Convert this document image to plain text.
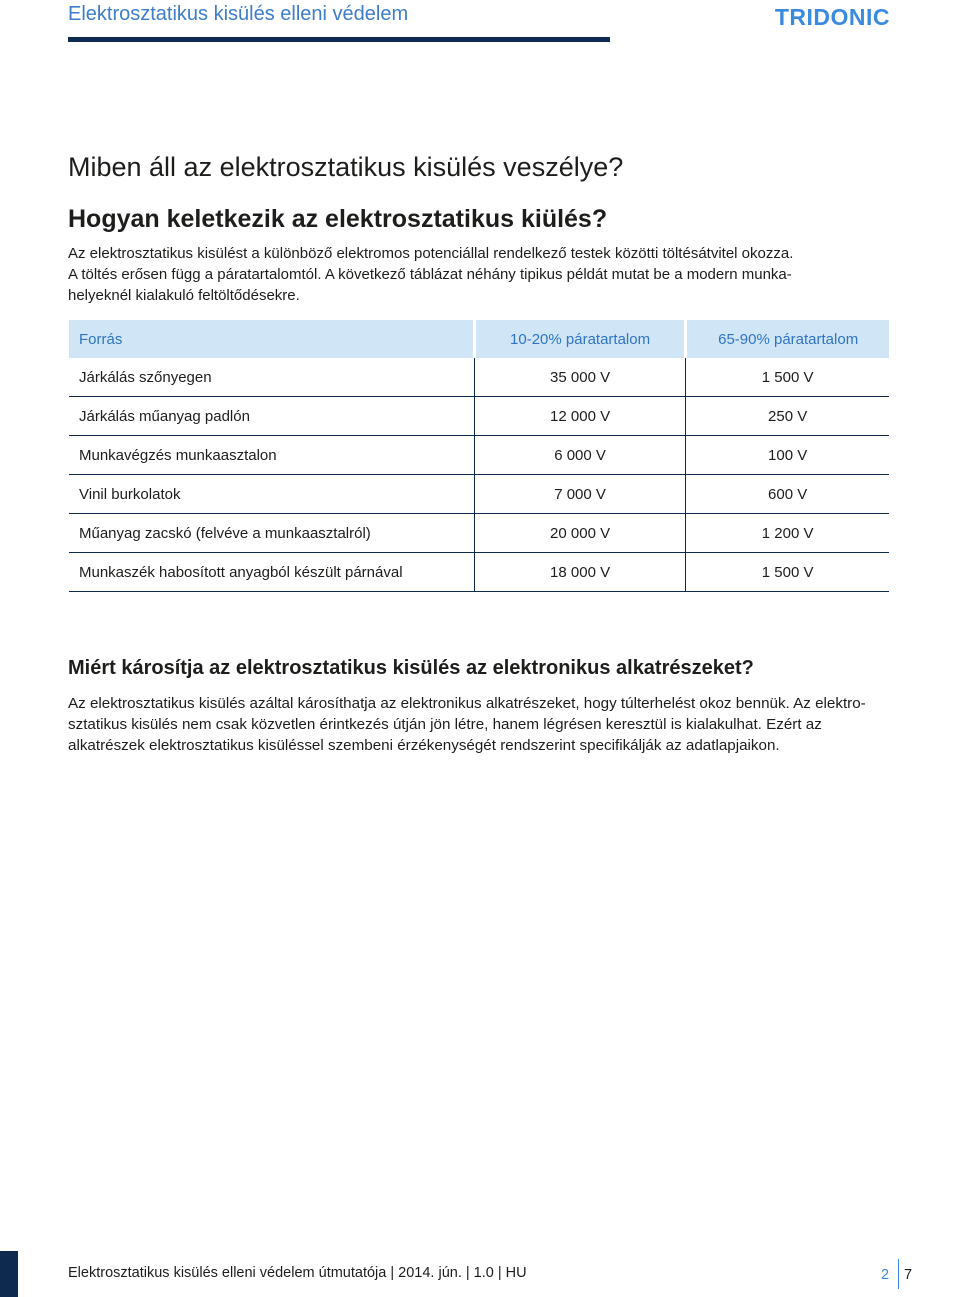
Elektrosztatikus kisülés elleni védelem	TRIDONIC
Miben áll az elektrosztatikus kisülés veszélye?
Hogyan keletkezik az elektrosztatikus kiülés?
Az elektrosztatikus kisülést a különböző elektromos potenciállal rendelkező testek közötti töltésátvitel okozza.
A töltés erősen függ a páratartalomtól. A következő táblázat néhány tipikus példát mutat be a modern munka-
helyeknél kialakuló feltöltődésekre.
Forrás	10-20% páratartalom	65-90% páratartalom
Járkálás szőnyegen	35 000 V	1 500 V
Járkálás műanyag padlón	12 000 V	250 V
Munkavégzés munkaasztalon	6 000 V	100 V
Vinil burkolatok	7 000 V	600 V
Műanyag zacskó (felvéve a munkaasztalról)	20 000 V	1 200 V
Munkaszék habosított anyagból készült párnával	18 000 V	1 500 V
Miért károsítja az elektrosztatikus kisülés az elektronikus alkatrészeket?
Az elektrosztatikus kisülés azáltal károsíthatja az elektronikus alkatrészeket, hogy túlterhelést okoz bennük. Az elektro-
sztatikus kisülés nem csak közvetlen érintkezés útján jön létre, hanem légrésen keresztül is kialakulhat. Ezért az
alkatrészek elektrosztatikus kisüléssel szembeni érzékenységét rendszerint specifikálják az adatlapjaikon.
Elektrosztatikus kisülés elleni védelem útmutatója | 2014. jún. | 1.0 | HU	2 7
